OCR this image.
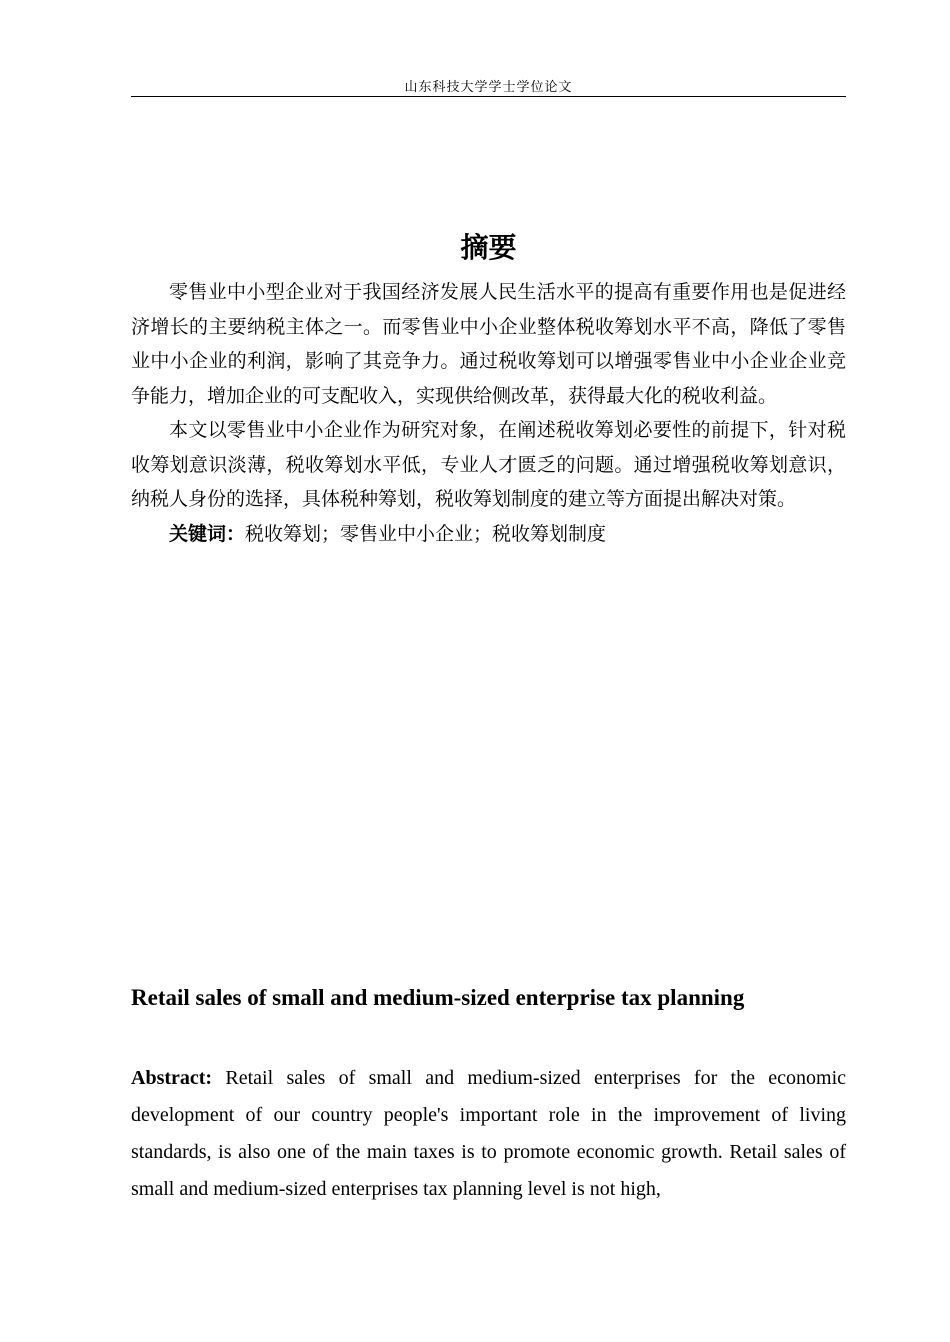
山东科技大学学士学位论文
摘要

零售业中小型企业对于我国经济发展人民生活水平的提高有重要作用也是促进经济增长的主要纳税主体之一。而零售业中小企业整体税收筹划水平不高，降低了零售业中小企业的利润，影响了其竞争力。通过税收筹划可以增强零售业中小企业企业竞争能力，增加企业的可支配收入，实现供给侧改革，获得最大化的税收利益。

本文以零售业中小企业作为研究对象，在阐述税收筹划必要性的前提下，针对税收筹划意识淡薄，税收筹划水平低，专业人才匮乏的问题。通过增强税收筹划意识，纳税人身份的选择，具体税种筹划，税收筹划制度的建立等方面提出解决对策。

关键词：税收筹划；零售业中小企业；税收筹划制度

Retail sales of small and medium-sized enterprise tax planning

Abstract: Retail sales of small and medium-sized enterprises for the economic development of our country people's important role in the improvement of living standards, is also one of the main taxes is to promote economic growth. Retail sales of small and medium-sized enterprises tax planning level is not high,
